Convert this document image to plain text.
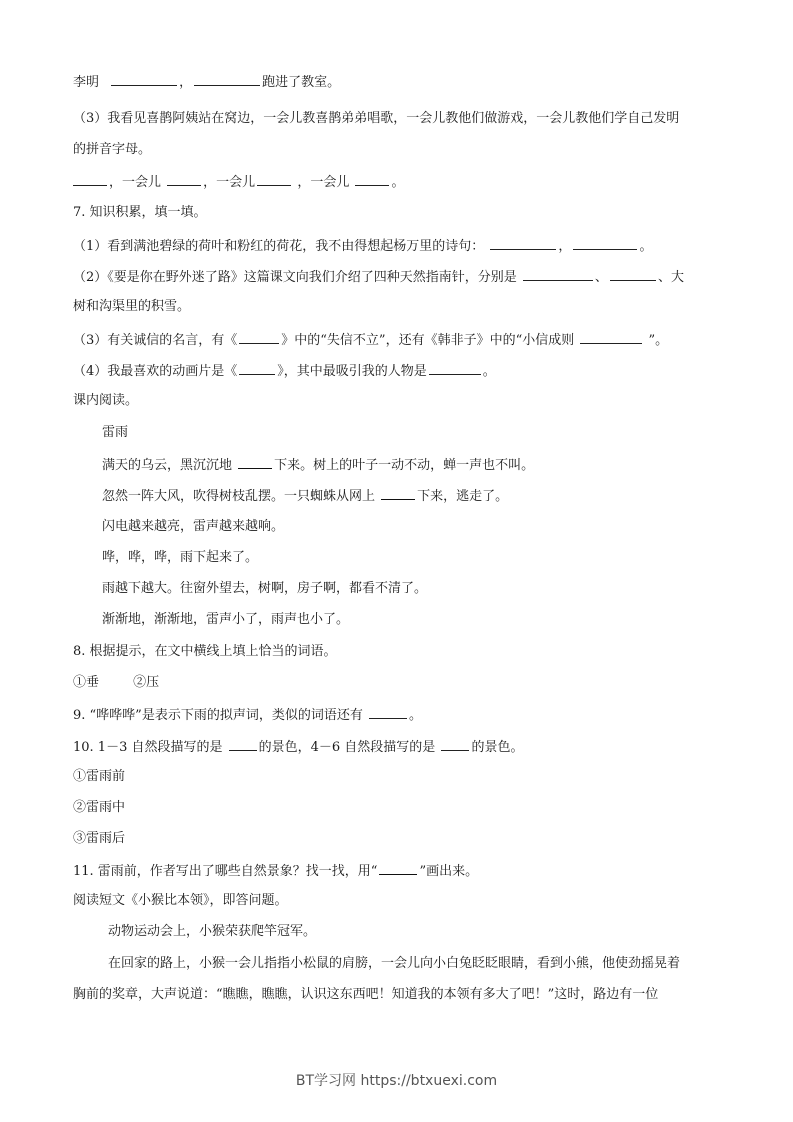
李明	，	跑进了教室。
（3）我看见喜鹊阿姨站在窝边，一会儿教喜鹊弟弟唱歌，一会儿教他们做游戏，一会儿教他们学自己发明
的拼音字母。
，一会儿	，一会儿	，一会儿	。
7. 知识积累，填一填。
（1）看到满池碧绿的荷叶和粉红的荷花，我不由得想起杨万里的诗句：	，	。
（2）《要是你在野外迷了路》这篇课文向我们介绍了四种天然指南针，分别是	、	、大
树和沟渠里的积雪。
（3）有关诚信的名言，有《	》中的“失信不立”，还有《韩非子》中的“小信成则	”。
（4）我最喜欢的动画片是《	》，其中最吸引我的人物是	。
课内阅读。
雷雨
满天的乌云，黑沉沉地	下来。树上的叶子一动不动，蝉一声也不叫。
忽然一阵大风，吹得树枝乱摆。一只蜘蛛从网上	下来，逃走了。
闪电越来越亮，雷声越来越响。
哗，哗，哗，雨下起来了。
雨越下越大。往窗外望去，树啊，房子啊，都看不清了。
渐渐地，渐渐地，雷声小了，雨声也小了。
8. 根据提示，在文中横线上填上恰当的词语。
①垂	②压
9. “哗哗哗”是表示下雨的拟声词，类似的词语还有	。
10. 1－3 自然段描写的是	的景色，4－6 自然段描写的是	的景色。
①雷雨前
②雷雨中
③雷雨后
11. 雷雨前，作者写出了哪些自然景象？找一找，用“	”画出来。
阅读短文《小猴比本领》，即答问题。
动物运动会上，小猴荣获爬竿冠军。
在回家的路上，小猴一会儿指指小松鼠的肩膀，一会儿向小白兔眨眨眼睛，看到小熊，他使劲摇晃着
胸前的奖章，大声说道：“瞧瞧，瞧瞧，认识这东西吧！知道我的本领有多大了吧！”这时，路边有一位
BT学习网 https://btxuexi.com
